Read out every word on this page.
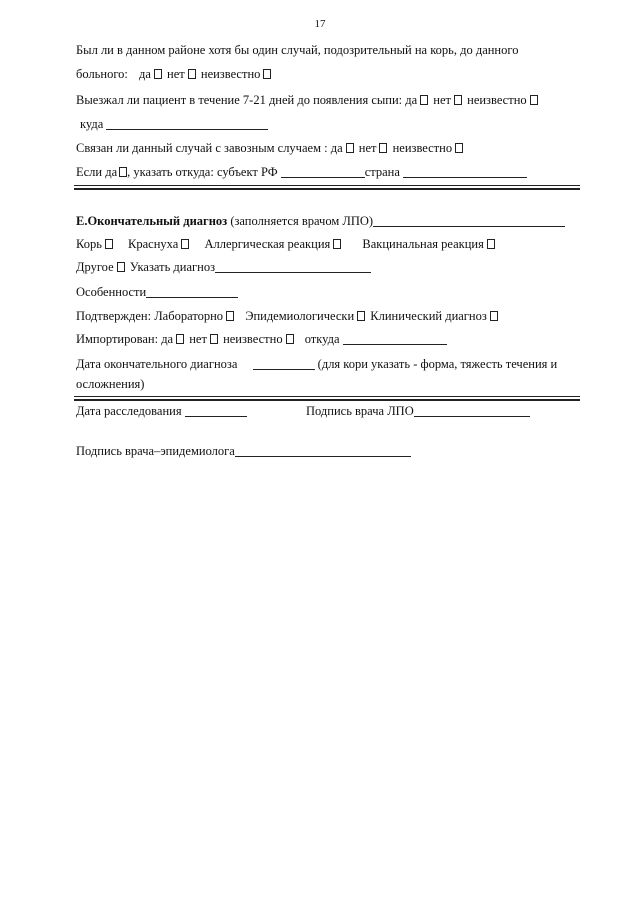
17
Был ли в данном районе хотя бы один случай, подозрительный на корь, до данного
больного: да нет неизвестно
Выезжал ли пациент в течение 7-21 дней до появления сыпи: да нет неизвестно
куда
Связан ли данный случай с завозным случаем : да нет неизвестно
Если да , указать откуда: субъект РФ	страна
Е.Окончательный диагноз (заполняется врачом ЛПО)
Корь Краснуха Аллергическая реакция	Вакцинальная реакция
Другое Указать диагноз
Особенности
Подтвержден: Лабораторно Эпидемиологически Клинический диагноз
Импортирован: да нет неизвестно откуда
Дата окончательного диагноза	(для кори указать - форма, тяжесть течения и
осложнения)
Дата расследования	Подпись врача ЛПО
Подпись врача–эпидемиолога
